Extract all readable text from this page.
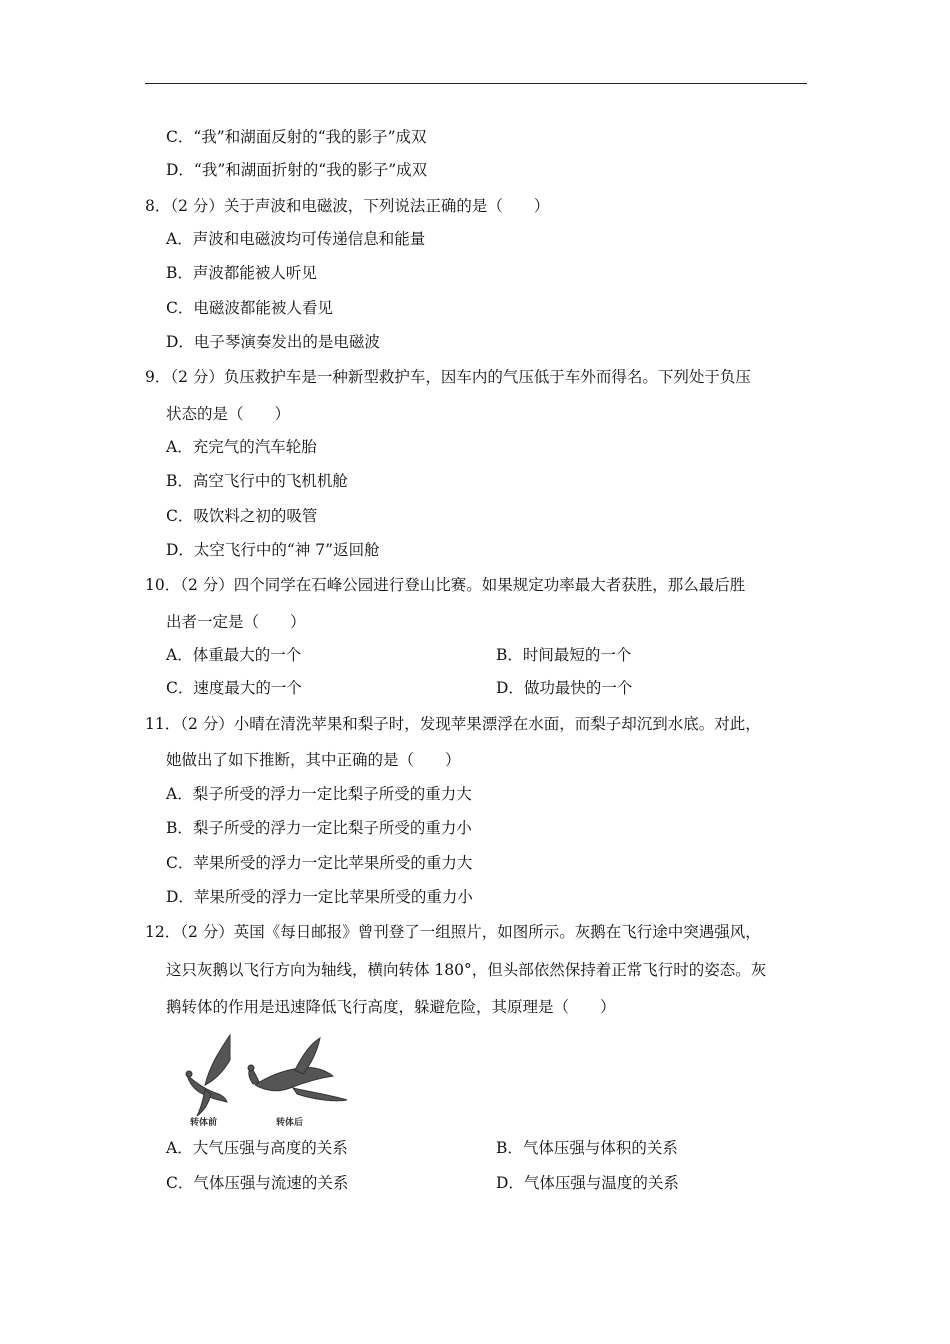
C．“我”和湖面反射的“我的影子”成双
D．“我”和湖面折射的“我的影子”成双
8．（2 分）关于声波和电磁波，下列说法正确的是（　　）
A．声波和电磁波均可传递信息和能量
B．声波都能被人听见
C．电磁波都能被人看见
D．电子琴演奏发出的是电磁波
9．（2 分）负压救护车是一种新型救护车，因车内的气压低于车外而得名。下列处于负压
状态的是（　　）
A．充完气的汽车轮胎
B．高空飞行中的飞机机舱
C．吸饮料之初的吸管
D．太空飞行中的“神 7”返回舱
10．（2 分）四个同学在石峰公园进行登山比赛。如果规定功率最大者获胜，那么最后胜
出者一定是（　　）
A．体重最大的一个	B．时间最短的一个
C．速度最大的一个	D．做功最快的一个
11．（2 分）小晴在清洗苹果和梨子时，发现苹果漂浮在水面，而梨子却沉到水底。对此，
她做出了如下推断，其中正确的是（　　）
A．梨子所受的浮力一定比梨子所受的重力大
B．梨子所受的浮力一定比梨子所受的重力小
C．苹果所受的浮力一定比苹果所受的重力大
D．苹果所受的浮力一定比苹果所受的重力小
12．（2 分）英国《每日邮报》曾刊登了一组照片，如图所示。灰鹅在飞行途中突遇强风，
这只灰鹅以飞行方向为轴线，横向转体 180°，但头部依然保持着正常飞行时的姿态。灰
鹅转体的作用是迅速降低飞行高度，躲避危险，其原理是（　　）
转体前	转体后
A．大气压强与高度的关系	B．气体压强与体积的关系
C．气体压强与流速的关系	D．气体压强与温度的关系
